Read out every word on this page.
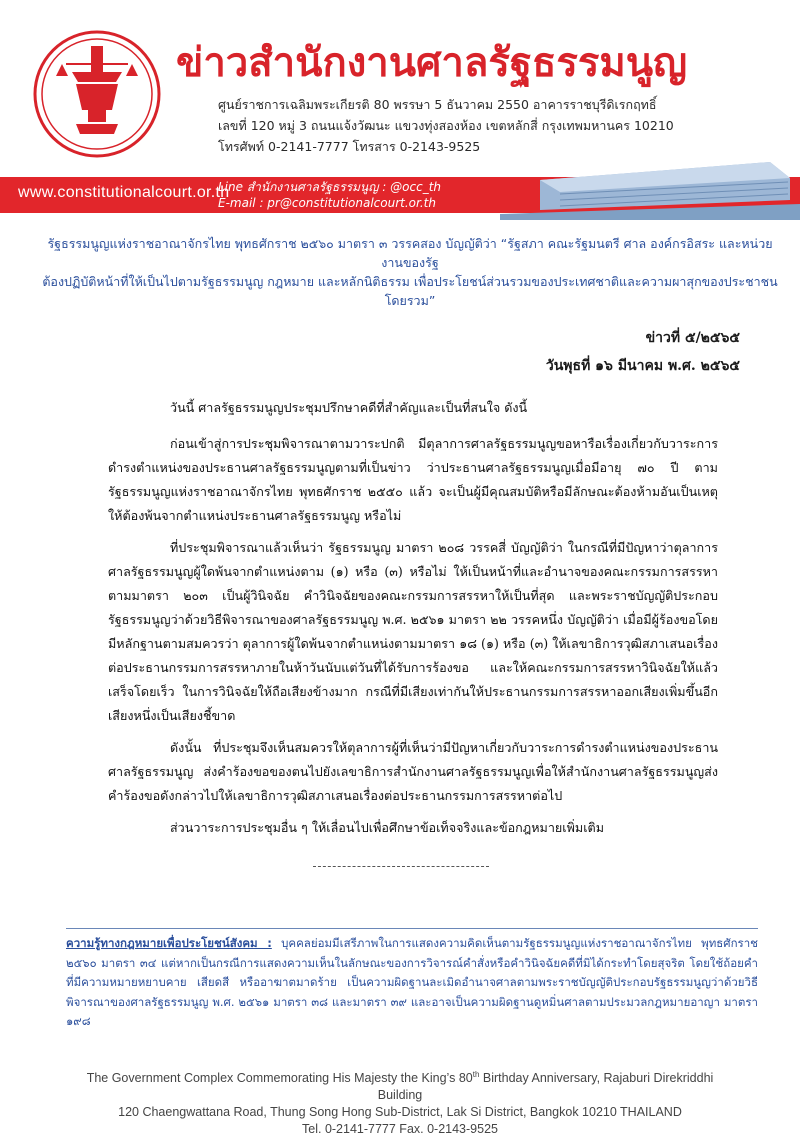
ข่าวสำนักงานศาลรัฐธรรมนูญ
ศูนย์ราชการเฉลิมพระเกียรติ 80 พรรษา 5 ธันวาคม 2550 อาคารราชบุรีดิเรกฤทธิ์
เลขที่ 120 หมู่ 3 ถนนแจ้งวัฒนะ แขวงทุ่งสองห้อง เขตหลักสี่ กรุงเทพมหานคร 10210
โทรศัพท์ 0-2141-7777 โทรสาร 0-2143-9525
www.constitutionalcourt.or.th
Line สำนักงานศาลรัฐธรรมนูญ : @occ_th
E-mail : pr@constitutionalcourt.or.th
รัฐธรรมนูญแห่งราชอาณาจักรไทย พุทธศักราช ๒๕๖๐ มาตรา ๓ วรรคสอง บัญญัติว่า “รัฐสภา คณะรัฐมนตรี ศาล องค์กรอิสระ และหน่วยงานของรัฐ
ต้องปฏิบัติหน้าที่ให้เป็นไปตามรัฐธรรมนูญ กฎหมาย และหลักนิติธรรม เพื่อประโยชน์ส่วนรวมของประเทศชาติและความผาสุกของประชาชนโดยรวม”
ข่าวที่ ๕/๒๕๖๕
วันพุธที่ ๑๖ มีนาคม พ.ศ. ๒๕๖๕

วันนี้ ศาลรัฐธรรมนูญประชุมปรึกษาคดีที่สำคัญและเป็นที่สนใจ ดังนี้

ก่อนเข้าสู่การประชุมพิจารณาตามวาระปกติ มีตุลาการศาลรัฐธรรมนูญขอหารือเรื่องเกี่ยวกับวาระการดำรงตำแหน่งของประธานศาลรัฐธรรมนูญตามที่เป็นข่าว ว่าประธานศาลรัฐธรรมนูญเมื่อมีอายุ ๗๐ ปี ตามรัฐธรรมนูญแห่งราชอาณาจักรไทย พุทธศักราช ๒๕๕๐ แล้ว จะเป็นผู้มีคุณสมบัติหรือมีลักษณะต้องห้ามอันเป็นเหตุให้ต้องพ้นจากตำแหน่งประธานศาลรัฐธรรมนูญ หรือไม่

ที่ประชุมพิจารณาแล้วเห็นว่า รัฐธรรมนูญ มาตรา ๒๐๘ วรรคสี่ บัญญัติว่า ในกรณีที่มีปัญหาว่าตุลาการศาลรัฐธรรมนูญผู้ใดพ้นจากตำแหน่งตาม (๑) หรือ (๓) หรือไม่ ให้เป็นหน้าที่และอำนาจของคณะกรรมการสรรหาตามมาตรา ๒๐๓ เป็นผู้วินิจฉัย คำวินิจฉัยของคณะกรรมการสรรหาให้เป็นที่สุด และพระราชบัญญัติประกอบรัฐธรรมนูญว่าด้วยวิธีพิจารณาของศาลรัฐธรรมนูญ พ.ศ. ๒๕๖๑ มาตรา ๒๒ วรรคหนึ่ง บัญญัติว่า เมื่อมีผู้ร้องขอโดยมีหลักฐานตามสมควรว่า ตุลาการผู้ใดพ้นจากตำแหน่งตามมาตรา ๑๘ (๑) หรือ (๓) ให้เลขาธิการวุฒิสภาเสนอเรื่องต่อประธานกรรมการสรรหาภายในห้าวันนับแต่วันที่ได้รับการร้องขอ และให้คณะกรรมการสรรหาวินิจฉัยให้แล้วเสร็จโดยเร็ว ในการวินิจฉัยให้ถือเสียงข้างมาก กรณีที่มีเสียงเท่ากันให้ประธานกรรมการสรรหาออกเสียงเพิ่มขึ้นอีกเสียงหนึ่งเป็นเสียงชี้ขาด

ดังนั้น ที่ประชุมจึงเห็นสมควรให้ตุลาการผู้ที่เห็นว่ามีปัญหาเกี่ยวกับวาระการดำรงตำแหน่งของประธานศาลรัฐธรรมนูญ ส่งคำร้องขอของตนไปยังเลขาธิการสำนักงานศาลรัฐธรรมนูญเพื่อให้สำนักงานศาลรัฐธรรมนูญส่งคำร้องขอดังกล่าวไปให้เลขาธิการวุฒิสภาเสนอเรื่องต่อประธานกรรมการสรรหาต่อไป

ส่วนวาระการประชุมอื่น ๆ ให้เลื่อนไปเพื่อศึกษาข้อเท็จจริงและข้อกฎหมายเพิ่มเติม

ความรู้ทางกฎหมายเพื่อประโยชน์สังคม : บุคคลย่อมมีเสรีภาพในการแสดงความคิดเห็นตามรัฐธรรมนูญแห่งราชอาณาจักรไทย พุทธศักราช ๒๕๖๐ มาตรา ๓๔ แต่หากเป็นกรณีการแสดงความเห็นในลักษณะของการวิจารณ์คำสั่งหรือคำวินิจฉัยคดีที่มิได้กระทำโดยสุจริต โดยใช้ถ้อยคำที่มีความหมายหยาบคาย เสียดสี หรืออาฆาตมาดร้าย เป็นความผิดฐานละเมิดอำนาจศาลตามพระราชบัญญัติประกอบรัฐธรรมนูญว่าด้วยวิธีพิจารณาของศาลรัฐธรรมนูญ พ.ศ. ๒๕๖๑ มาตรา ๓๘ และมาตรา ๓๙ และอาจเป็นความผิดฐานดูหมิ่นศาลตามประมวลกฎหมายอาญา มาตรา ๑๙๘
The Government Complex Commemorating His Majesty the King’s 80th Birthday Anniversary, Rajaburi Direkriddhi Building
120 Chaengwattana Road, Thung Song Hong Sub-District, Lak Si District, Bangkok 10210 THAILAND
Tel. 0-2141-7777 Fax. 0-2143-9525
